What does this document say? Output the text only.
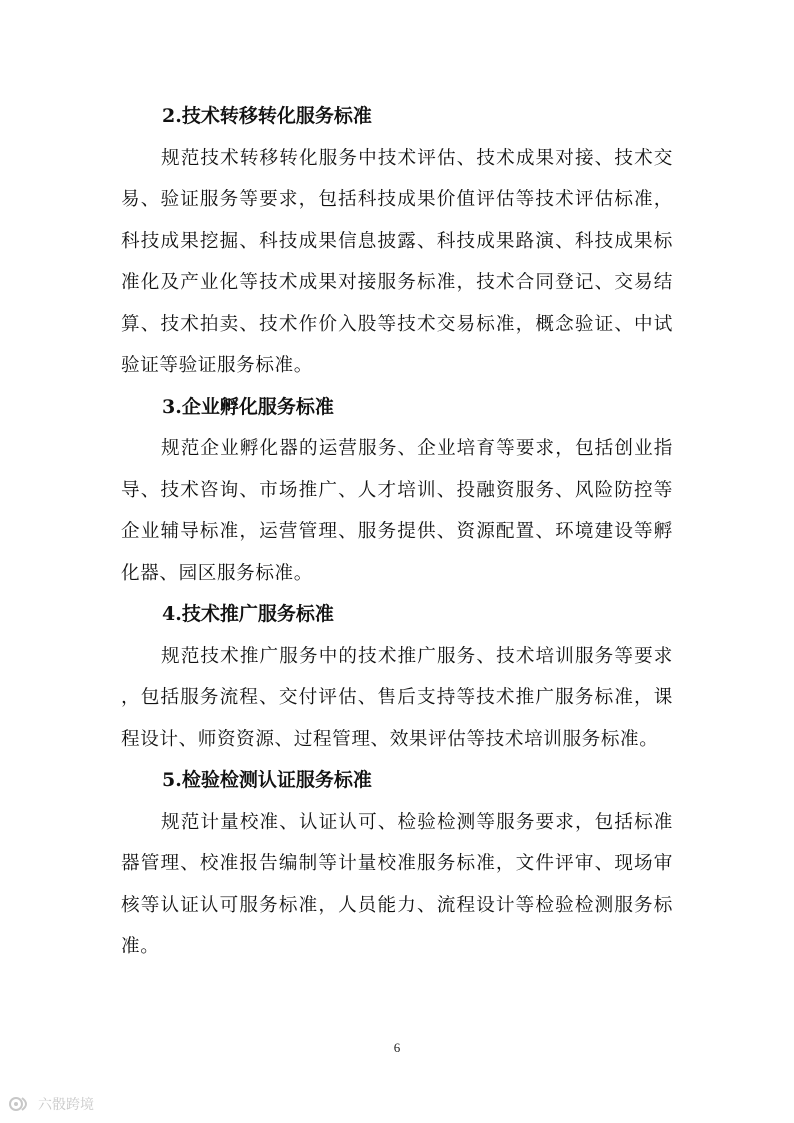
2.技术转移转化服务标准

规范技术转移转化服务中技术评估、技术成果对接、技术交易、验证服务等要求，包括科技成果价值评估等技术评估标准，科技成果挖掘、科技成果信息披露、科技成果路演、科技成果标准化及产业化等技术成果对接服务标准，技术合同登记、交易结算、技术拍卖、技术作价入股等技术交易标准，概念验证、中试验证等验证服务标准。

3.企业孵化服务标准

规范企业孵化器的运营服务、企业培育等要求，包括创业指导、技术咨询、市场推广、人才培训、投融资服务、风险防控等企业辅导标准，运营管理、服务提供、资源配置、环境建设等孵化器、园区服务标准。

4.技术推广服务标准

规范技术推广服务中的技术推广服务、技术培训服务等要求，包括服务流程、交付评估、售后支持等技术推广服务标准，课程设计、师资资源、过程管理、效果评估等技术培训服务标准。

5.检验检测认证服务标准

规范计量校准、认证认可、检验检测等服务要求，包括标准器管理、校准报告编制等计量校准服务标准，文件评审、现场审核等认证认可服务标准，人员能力、流程设计等检验检测服务标准。

6
六骰跨境
